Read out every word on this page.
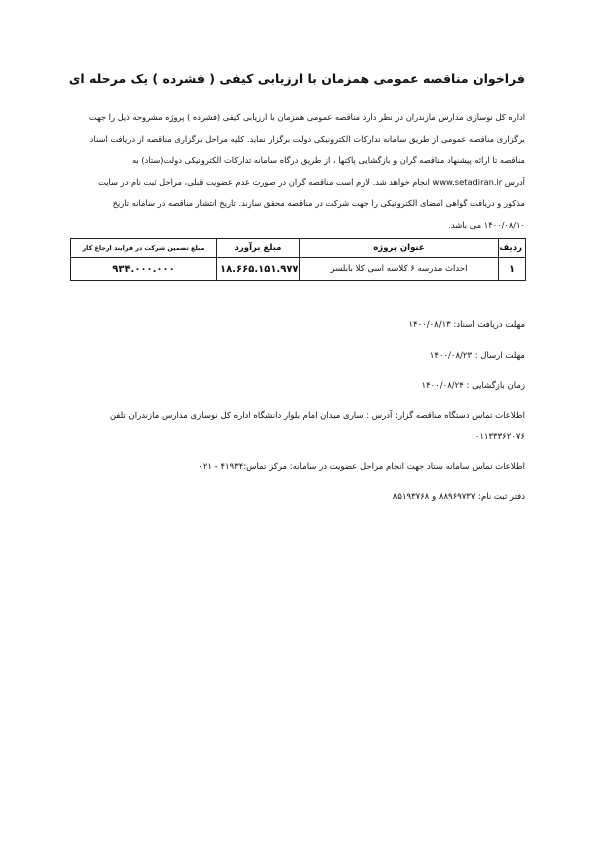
فراخوان مناقصه عمومی همزمان با ارزیابی کیفی ( فشرده ) یک مرحله ای
اداره کل نوسازی مدارس مازندران در نظر دارد مناقصه عمومی همزمان با ارزیابی کیفی (فشرده ) پروژه مشروحه ذیل را جهت
برگزاری مناقصه عمومی از طریق سامانه تدارکات الکترونیکی دولت برگزار نماید. کلیه مراحل برگزاری مناقصه از دریافت اسناد
مناقصه تا ارائه پیشنهاد مناقصه گران و بازگشایی پاکتها ، از طریق درگاه سامانه تدارکات الکترونیکی دولت(ستاد) به
آدرس www.setadiran.ir انجام خواهد شد. لازم است مناقصه گران در صورت عدم عضویت قبلی، مراحل ثبت نام در سایت
مذکور و دریافت گواهی امضای الکترونیکی را جهت شرکت در مناقصه محقق سازند. تاریخ انتشار مناقصه در سامانه تاریخ
۱۴۰۰/۰۸/۱۰ می باشد.
ردیف	عنوان پروژه	مبلغ برآورد	مبلغ تضمین شرکت در فرایند ارجاع کار
۱	احداث مدرسه ۶ کلاسه اسی کلا بابلسر	۱۸.۶۶۵.۱۵۱.۹۷۷	۹۳۴.۰۰۰.۰۰۰
مهلت دریافت اسناد: ۱۴۰۰/۰۸/۱۳
مهلت ارسال : ۱۴۰۰/۰۸/۲۳
زمان بازگشایی : ۱۴۰۰/۰۸/۲۴
اطلاعات تماس دستگاه مناقصه گزار: آدرس : ساری میدان امام بلوار دانشگاه اداره کل نوسازی مدارس مازندران تلفن
۰۱۱۳۳۳۶۲۰۷۶
اطلاعات تماس سامانه ستاد جهت انجام مراحل عضویت در سامانه: مرکز تماس:۴۱۹۳۴ - ۰۲۱
دفتر ثبت نام: ۸۸۹۶۹۷۳۷ و ۸۵۱۹۳۷۶۸
